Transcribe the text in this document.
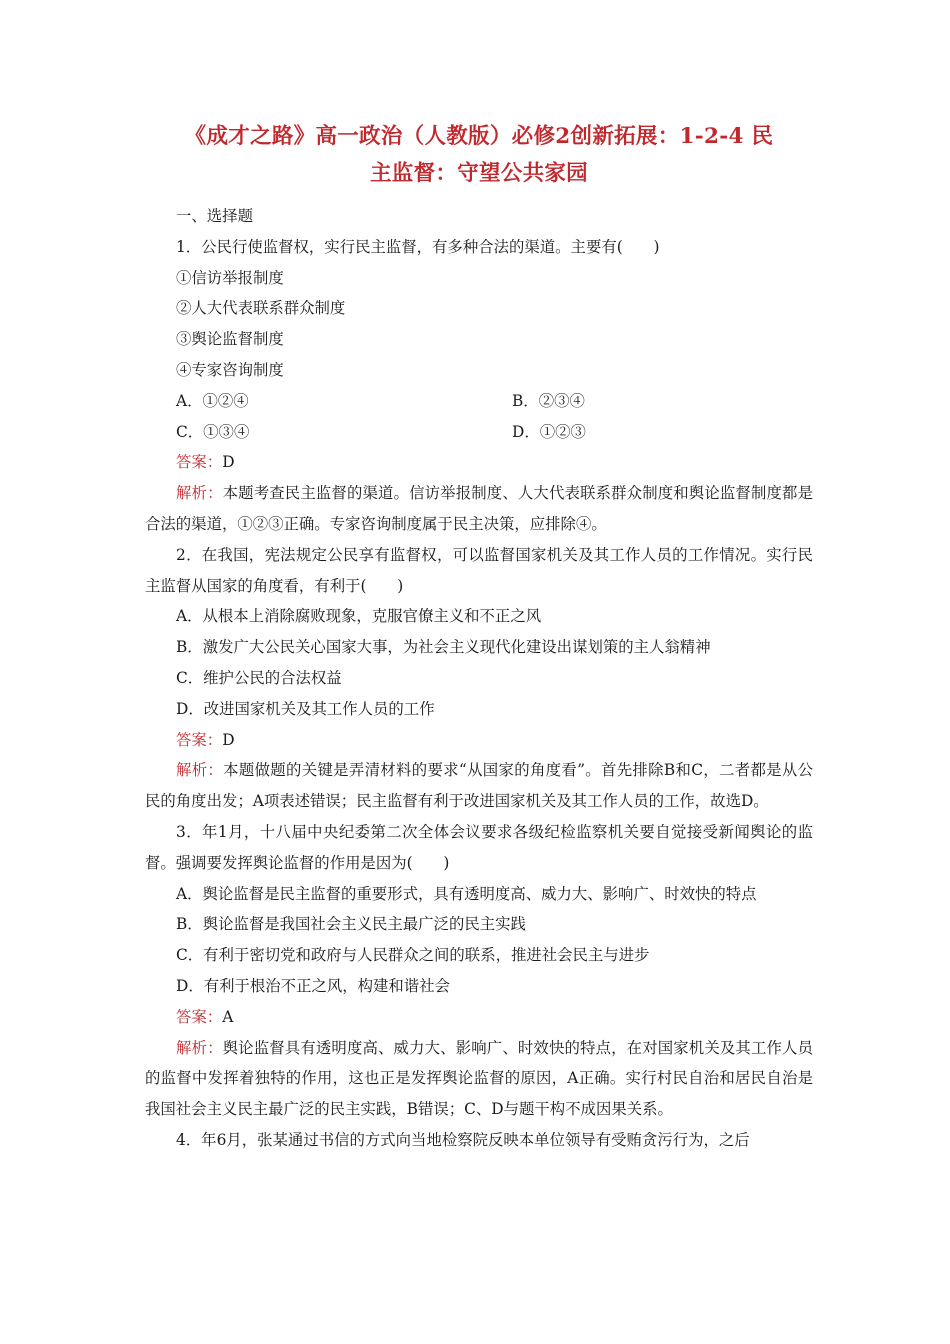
《成才之路》高一政治（人教版）必修2创新拓展：1-2-4 民
主监督：守望公共家园

一、选择题

1．公民行使监督权，实行民主监督，有多种合法的渠道。主要有(　　)

①信访举报制度

②人大代表联系群众制度

③舆论监督制度

④专家咨询制度

A．①②④	B．②③④
C．①③④	D．①②③

答案：D

解析：本题考查民主监督的渠道。信访举报制度、人大代表联系群众制度和舆论监督制度都是合法的渠道，①②③正确。专家咨询制度属于民主决策，应排除④。

2．在我国，宪法规定公民享有监督权，可以监督国家机关及其工作人员的工作情况。实行民主监督从国家的角度看，有利于(　　)

A．从根本上消除腐败现象，克服官僚主义和不正之风

B．激发广大公民关心国家大事，为社会主义现代化建设出谋划策的主人翁精神

C．维护公民的合法权益

D．改进国家机关及其工作人员的工作

答案：D

解析：本题做题的关键是弄清材料的要求“从国家的角度看”。首先排除B和C，二者都是从公民的角度出发；A项表述错误；民主监督有利于改进国家机关及其工作人员的工作，故选D。

3．年1月，十八届中央纪委第二次全体会议要求各级纪检监察机关要自觉接受新闻舆论的监督。强调要发挥舆论监督的作用是因为(　　)

A．舆论监督是民主监督的重要形式，具有透明度高、威力大、影响广、时效快的特点

B．舆论监督是我国社会主义民主最广泛的民主实践

C．有利于密切党和政府与人民群众之间的联系，推进社会民主与进步

D．有利于根治不正之风，构建和谐社会

答案：A

解析：舆论监督具有透明度高、威力大、影响广、时效快的特点，在对国家机关及其工作人员的监督中发挥着独特的作用，这也正是发挥舆论监督的原因，A正确。实行村民自治和居民自治是我国社会主义民主最广泛的民主实践，B错误；C、D与题干构不成因果关系。

4．年6月，张某通过书信的方式向当地检察院反映本单位领导有受贿贪污行为，之后
